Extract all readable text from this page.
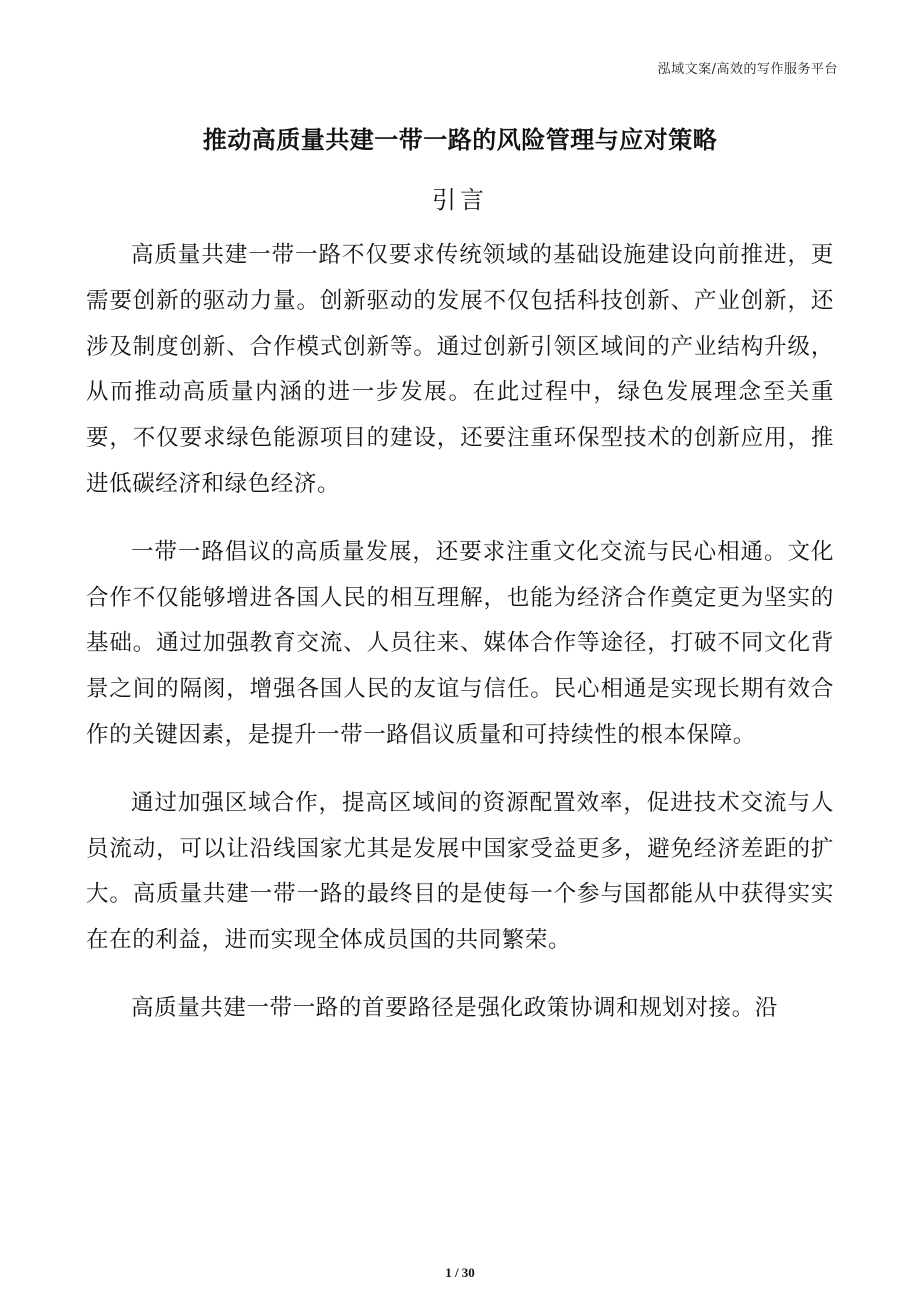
泓域文案/高效的写作服务平台
推动高质量共建一带一路的风险管理与应对策略
引言

高质量共建一带一路不仅要求传统领域的基础设施建设向前推进，更需要创新的驱动力量。创新驱动的发展不仅包括科技创新、产业创新，还涉及制度创新、合作模式创新等。通过创新引领区域间的产业结构升级，从而推动高质量内涵的进一步发展。在此过程中，绿色发展理念至关重要，不仅要求绿色能源项目的建设，还要注重环保型技术的创新应用，推进低碳经济和绿色经济。

一带一路倡议的高质量发展，还要求注重文化交流与民心相通。文化合作不仅能够增进各国人民的相互理解，也能为经济合作奠定更为坚实的基础。通过加强教育交流、人员往来、媒体合作等途径，打破不同文化背景之间的隔阂，增强各国人民的友谊与信任。民心相通是实现长期有效合作的关键因素，是提升一带一路倡议质量和可持续性的根本保障。

通过加强区域合作，提高区域间的资源配置效率，促进技术交流与人员流动，可以让沿线国家尤其是发展中国家受益更多，避免经济差距的扩大。高质量共建一带一路的最终目的是使每一个参与国都能从中获得实实在在的利益，进而实现全体成员国的共同繁荣。

高质量共建一带一路的首要路径是强化政策协调和规划对接。沿

1 / 30
